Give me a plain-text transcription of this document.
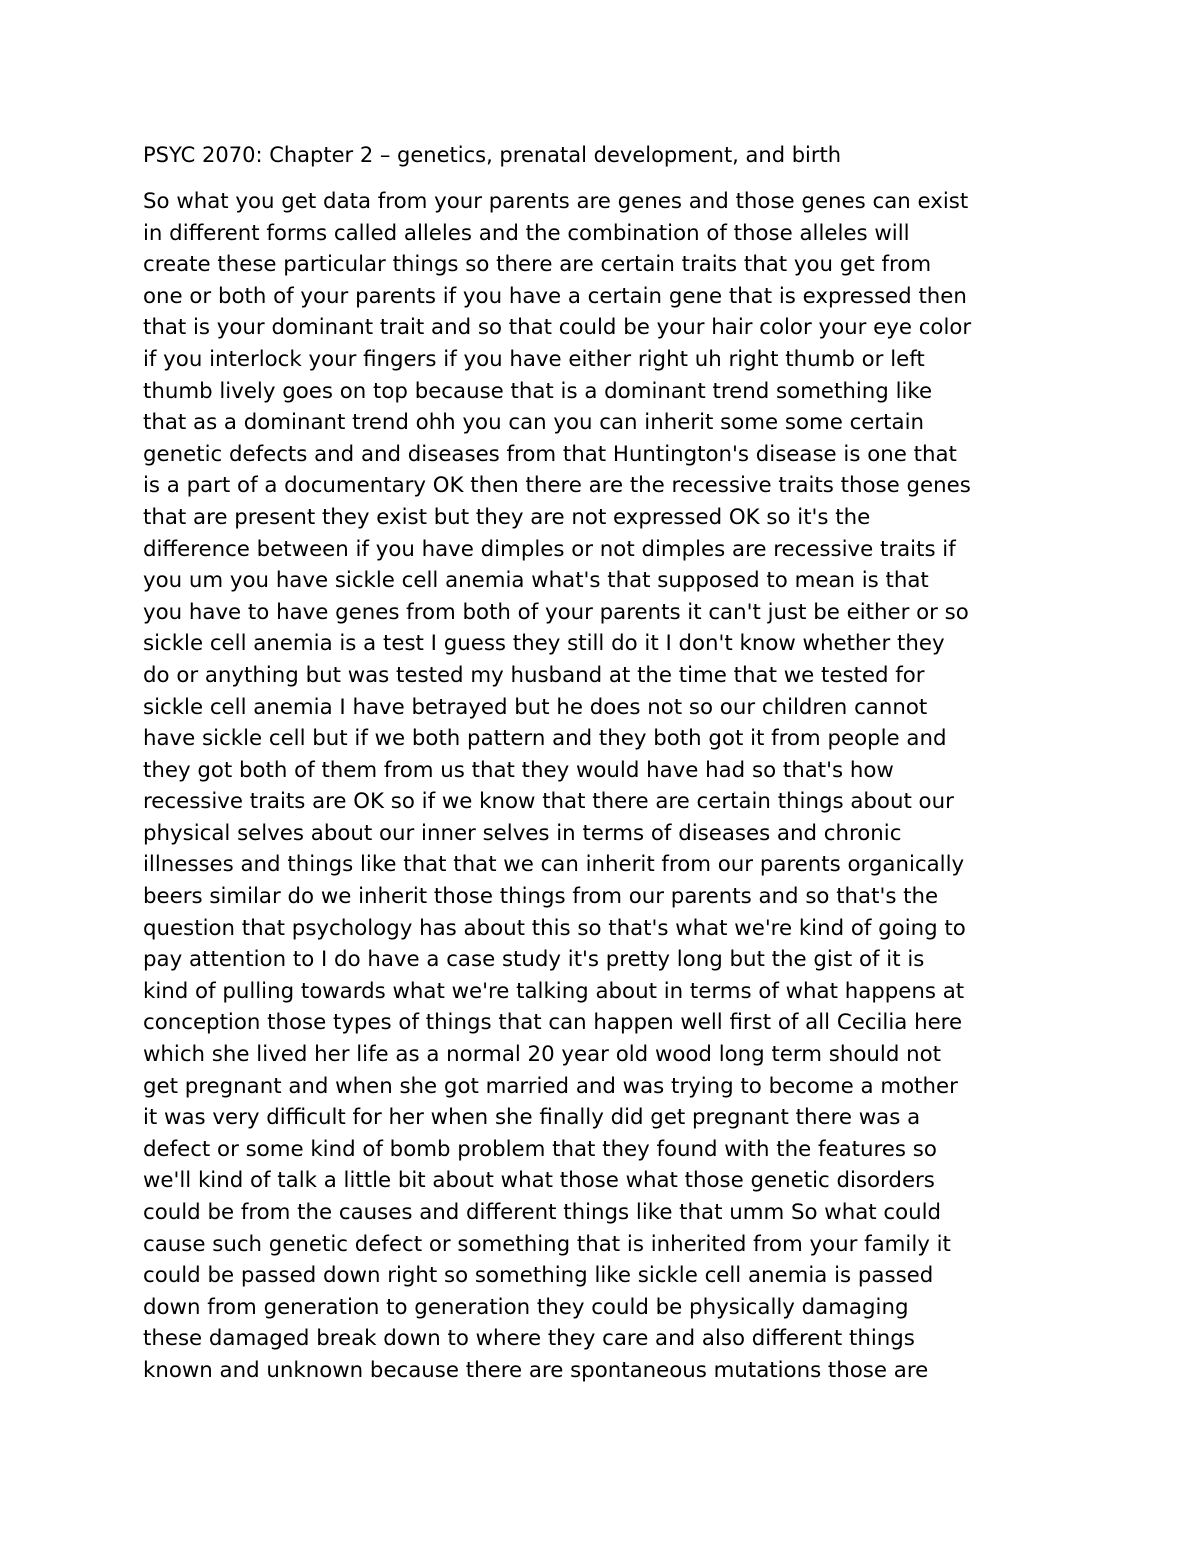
PSYC 2070: Chapter 2 – genetics, prenatal development, and birth
So what you get data from your parents are genes and those genes can exist
in different forms called alleles and the combination of those alleles will
create these particular things so there are certain traits that you get from
one or both of your parents if you have a certain gene that is expressed then
that is your dominant trait and so that could be your hair color your eye color
if you interlock your fingers if you have either right uh right thumb or left
thumb lively goes on top because that is a dominant trend something like
that as a dominant trend ohh you can you can inherit some some certain
genetic defects and and diseases from that Huntington's disease is one that
is a part of a documentary OK then there are the recessive traits those genes
that are present they exist but they are not expressed OK so it's the
difference between if you have dimples or not dimples are recessive traits if
you um you have sickle cell anemia what's that supposed to mean is that
you have to have genes from both of your parents it can't just be either or so
sickle cell anemia is a test I guess they still do it I don't know whether they
do or anything but was tested my husband at the time that we tested for
sickle cell anemia I have betrayed but he does not so our children cannot
have sickle cell but if we both pattern and they both got it from people and
they got both of them from us that they would have had so that's how
recessive traits are OK so if we know that there are certain things about our
physical selves about our inner selves in terms of diseases and chronic
illnesses and things like that that we can inherit from our parents organically
beers similar do we inherit those things from our parents and so that's the
question that psychology has about this so that's what we're kind of going to
pay attention to I do have a case study it's pretty long but the gist of it is
kind of pulling towards what we're talking about in terms of what happens at
conception those types of things that can happen well first of all Cecilia here
which she lived her life as a normal 20 year old wood long term should not
get pregnant and when she got married and was trying to become a mother
it was very difficult for her when she finally did get pregnant there was a
defect or some kind of bomb problem that they found with the features so
we'll kind of talk a little bit about what those what those genetic disorders
could be from the causes and different things like that umm So what could
cause such genetic defect or something that is inherited from your family it
could be passed down right so something like sickle cell anemia is passed
down from generation to generation they could be physically damaging
these damaged break down to where they care and also different things
known and unknown because there are spontaneous mutations those are
